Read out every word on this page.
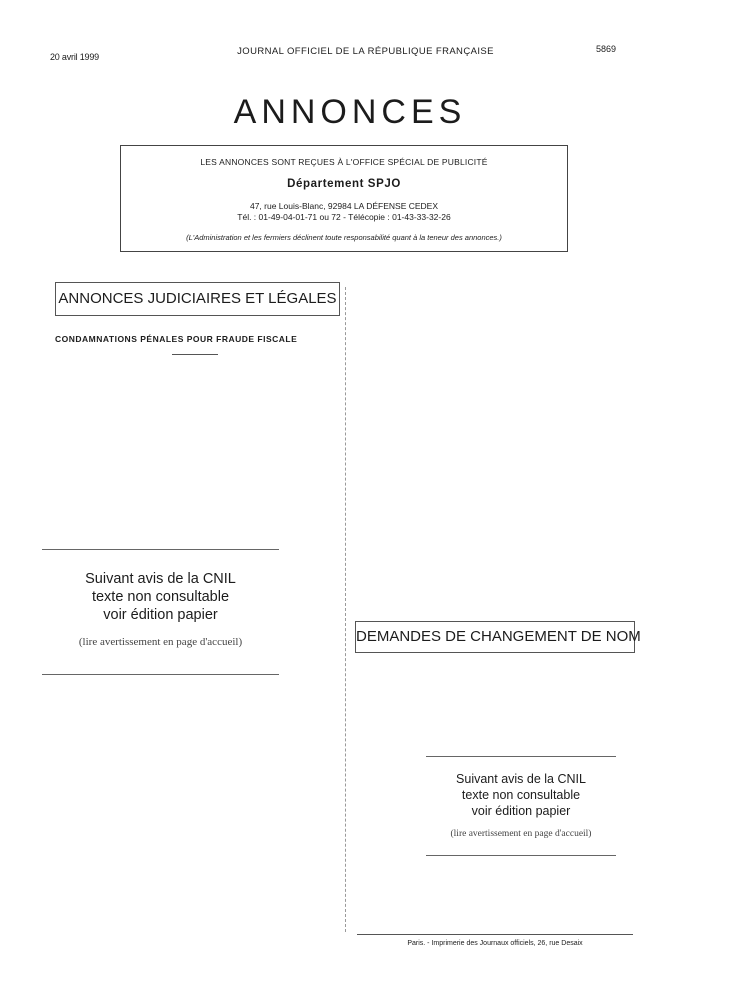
20 avril 1999	JOURNAL OFFICIEL DE LA RÉPUBLIQUE FRANÇAISE	5869
ANNONCES
LES ANNONCES SONT REÇUES À L'OFFICE SPÉCIAL DE PUBLICITÉ
Département SPJO
47, rue Louis-Blanc, 92984 LA DÉFENSE CEDEX
Tél. : 01-49-04-01-71 ou 72 - Télécopie : 01-43-33-32-26
(L'Administration et les fermiers déclinent toute responsabilité quant à la teneur des annonces.)
ANNONCES JUDICIAIRES ET LÉGALES
CONDAMNATIONS PÉNALES POUR FRAUDE FISCALE
Suivant avis de la CNIL
texte non consultable
voir édition papier
(lire avertissement en page d'accueil)	DEMANDES DE CHANGEMENT DE NOM
Suivant avis de la CNIL
texte non consultable
voir édition papier
(lire avertissement en page d'accueil)
Paris. - Imprimerie des Journaux officiels, 26, rue Desaix
